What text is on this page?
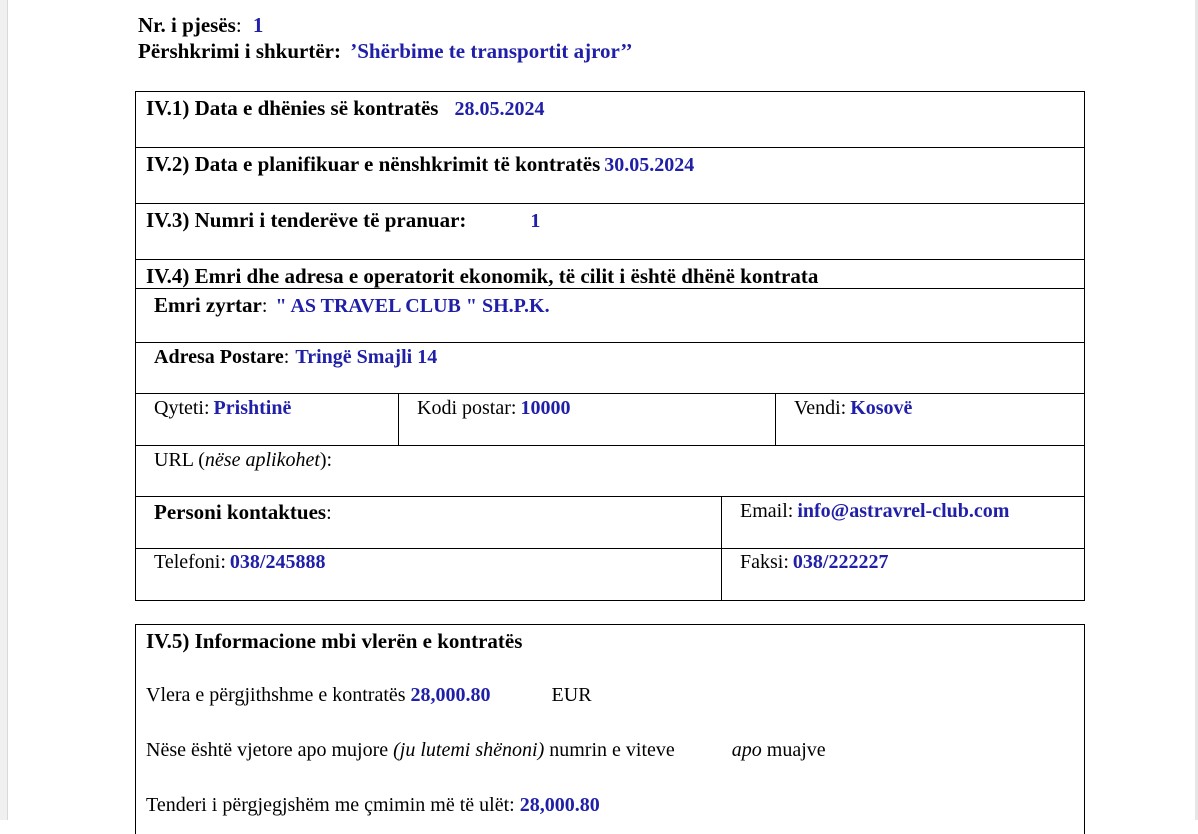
Nr. i pjesës: 1
Përshkrimi i shkurtër: ’Shërbime te transportit ajror’’
IV.1) Data e dhënies së kontratës 28.05.2024
IV.2) Data e planifikuar e nënshkrimit të kontratës 30.05.2024
IV.3) Numri i tenderëve të pranuar:	1
IV.4) Emri dhe adresa e operatorit ekonomik, të cilit i është dhënë kontrata
Emri zyrtar: " AS TRAVEL CLUB " SH.P.K.
Adresa Postare: Tringë Smajli 14
Qyteti: Prishtinë	Kodi postar: 10000	Vendi: Kosovë
URL (nëse aplikohet):
Personi kontaktues:	Email: info@astravrel-club.com
Telefoni: 038/245888	Faksi: 038/222227
IV.5) Informacione mbi vlerën e kontratës
Vlera e përgjithshme e kontratës 28,000.80	EUR
Nëse është vjetore apo mujore (ju lutemi shënoni) numrin e viteve	apo muajve
Tenderi i përgjegjshëm me çmimin më të ulët: 28,000.80
